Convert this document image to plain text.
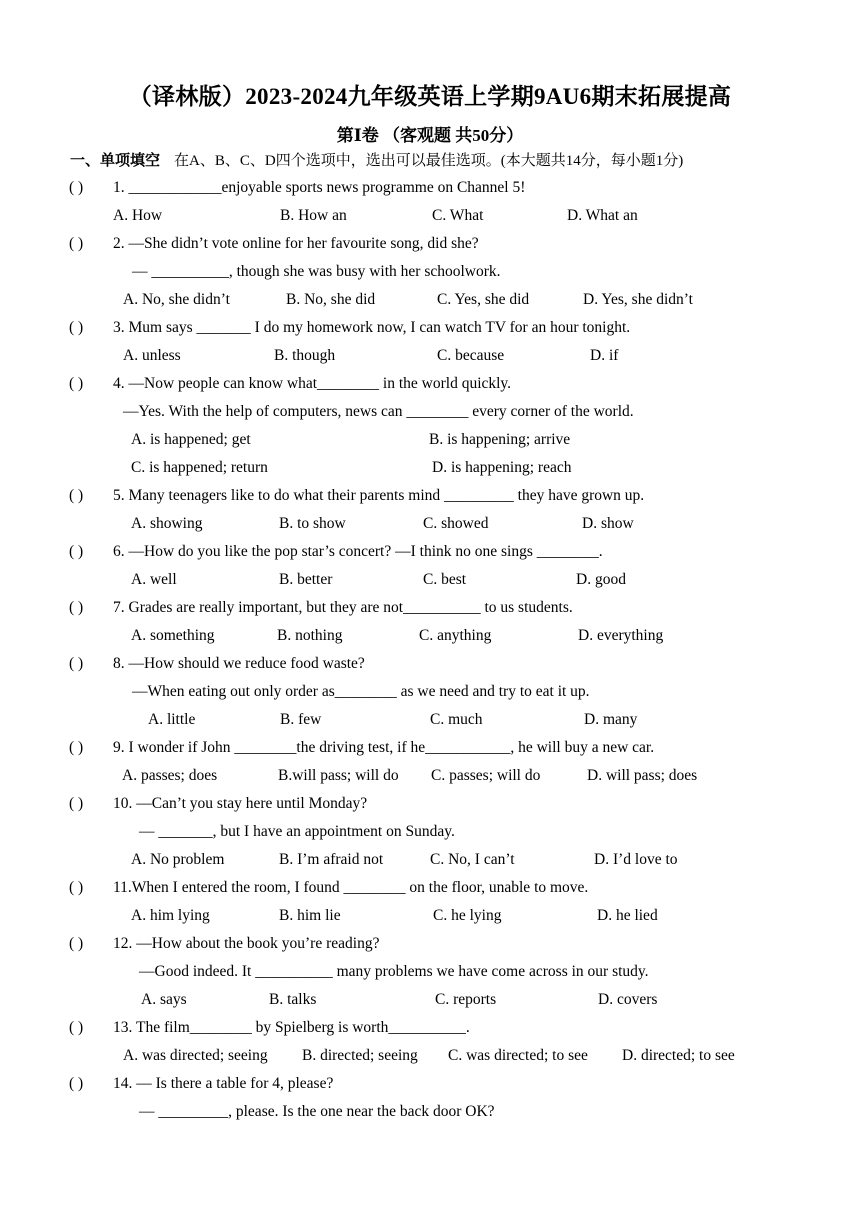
（译林版）2023-2024九年级英语上学期9AU6期末拓展提高
第Ⅰ卷 （客观题 共50分）
一、单项填空 在A、B、C、D四个选项中，选出可以最佳选项。(本大题共14分，每小题1分)
( ) 1. ____________enjoyable sports news programme on Channel 5!
A. How	B. How an	C. What	D. What an
( ) 2. —She didn’t vote online for her favourite song, did she?
— __________, though she was busy with her schoolwork.
A. No, she didn’t	B. No, she did	C. Yes, she did	D. Yes, she didn’t
( ) 3. Mum says _______ I do my homework now, I can watch TV for an hour tonight.
A. unless	B. though	C. because	D. if
( ) 4. —Now people can know what________ in the world quickly.
—Yes. With the help of computers, news can ________ every corner of the world.
A. is happened; get	B. is happening; arrive
C. is happened; return	D. is happening; reach
( ) 5. Many teenagers like to do what their parents mind _________ they have grown up.
A. showing	B. to show	C. showed	D. show
( ) 6. —How do you like the pop star’s concert? —I think no one sings ________.
A. well	B. better	C. best	D. good
( ) 7. Grades are really important, but they are not__________ to us students.
A. something	B. nothing	C. anything	D. everything
( ) 8. —How should we reduce food waste?
—When eating out only order as________ as we need and try to eat it up.
A. little	B. few	C. much	D. many
( ) 9. I wonder if John ________the driving test, if he___________, he will buy a new car.
A. passes; does	B.will pass; will do C. passes; will do	D. will pass; does
( ) 10. —Can’t you stay here until Monday?
— _______, but I have an appointment on Sunday.
A. No problem	B. I’m afraid not	C. No, I can’t	D. I’d love to
( ) 11.When I entered the room, I found ________ on the floor, unable to move.
A. him lying	B. him lie	C. he lying	D. he lied
( ) 12. —How about the book you’re reading?
—Good indeed. It __________ many problems we have come across in our study.
A. says	B. talks	C. reports	D. covers
( ) 13. The film________ by Spielberg is worth__________.
A. was directed; seeing B. directed; seeing C. was directed; to see D. directed; to see
( ) 14. — Is there a table for 4, please?
— _________, please. Is the one near the back door OK?
